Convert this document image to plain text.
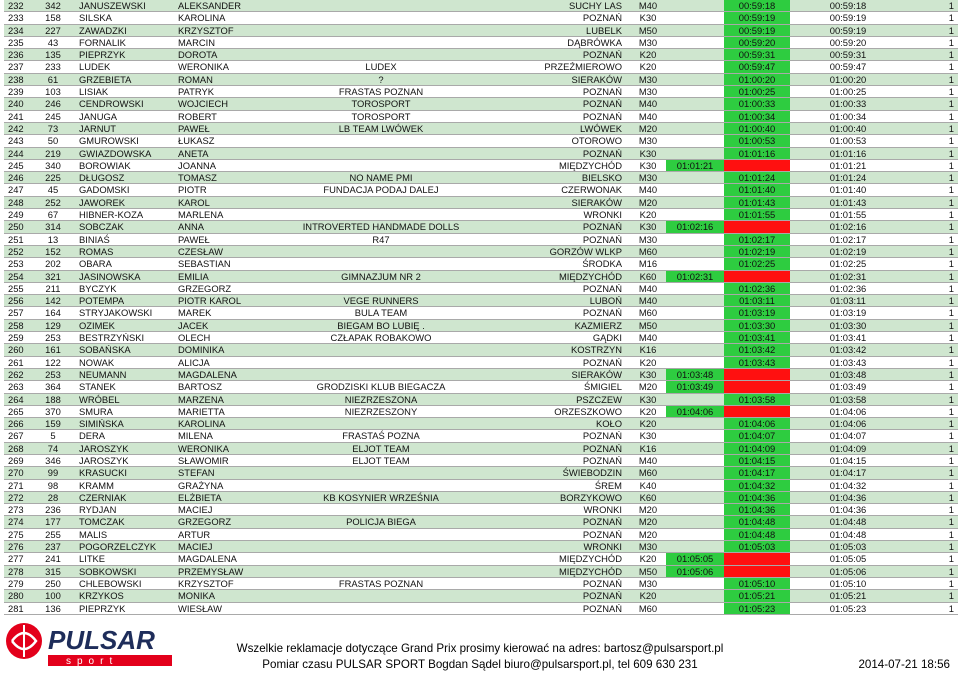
232	342	JANUSZEWSKI	ALEKSANDER		SUCHY LAS	M40		00:59:18	00:59:18	1
233	158	SILSKA	KAROLINA		POZNAŃ	K30		00:59:19	00:59:19	1
234	227	ZAWADZKI	KRZYSZTOF		LUBELK	M50		00:59:19	00:59:19	1
235	43	FORNALIK	MARCIN		DĄBRÓWKA	M30		00:59:20	00:59:20	1
236	135	PIEPRZYK	DOROTA		POZNAŃ	K20		00:59:31	00:59:31	1
237	233	LUDEK	WERONIKA	LUDEX	PRZEŹMIEROWO	K20		00:59:47	00:59:47	1
238	61	GRZEBIETA	ROMAN	?	SIERAKÓW	M30		01:00:20	01:00:20	1
239	103	LISIAK	PATRYK	FRASTAS POZNAN	POZNAŃ	M30		01:00:25	01:00:25	1
240	246	CENDROWSKI	WOJCIECH	TOROSPORT	POZNAŃ	M40		01:00:33	01:00:33	1
241	245	JANUGA	ROBERT	TOROSPORT	POZNAŃ	M40		01:00:34	01:00:34	1
242	73	JARNUT	PAWEŁ	LB TEAM LWÓWEK	LWÓWEK	M20		01:00:40	01:00:40	1
243	50	GMUROWSKI	ŁUKASZ		OTOROWO	M30		01:00:53	01:00:53	1
244	219	GWIAZDOWSKA	ANETA		POZNAŃ	K30		01:01:16	01:01:16	1
245	340	BOROWIAK	JOANNA		MIĘDZYCHÓD	K30	01:01:21		01:01:21	1
246	225	DŁUGOSZ	TOMASZ	NO NAME PMI	BIELSKO	M30		01:01:24	01:01:24	1
247	45	GADOMSKI	PIOTR	FUNDACJA PODAJ DALEJ	CZERWONAK	M40		01:01:40	01:01:40	1
248	252	JAWOREK	KAROL		SIERAKÓW	M20		01:01:43	01:01:43	1
249	67	HIBNER-KOZA	MARLENA		WRONKI	K20		01:01:55	01:01:55	1
250	314	SOBCZAK	ANNA	INTROVERTED HANDMADE DOLLS	POZNAŃ	K30	01:02:16		01:02:16	1
251	13	BINIAŚ	PAWEŁ	R47	POZNAŃ	M30		01:02:17	01:02:17	1
252	152	ROMAS	CZESŁAW		GORZÓW WLKP	M60		01:02:19	01:02:19	1
253	202	OBARA	SEBASTIAN		ŚRODKA	M16		01:02:25	01:02:25	1
254	321	JASINOWSKA	EMILIA	GIMNAZJUM NR 2	MIĘDZYCHÓD	K60	01:02:31		01:02:31	1
255	211	BYCZYK	GRZEGORZ		POZNAŃ	M40		01:02:36	01:02:36	1
256	142	POTEMPA	PIOTR KAROL	VEGE RUNNERS	LUBOŃ	M40		01:03:11	01:03:11	1
257	164	STRYJAKOWSKI	MAREK	BULA TEAM	POZNAŃ	M60		01:03:19	01:03:19	1
258	129	OZIMEK	JACEK	BIEGAM BO LUBIĘ .	KAZMIERZ	M50		01:03:30	01:03:30	1
259	253	BESTRZYŃSKI	OLECH	CZŁAPAK ROBAKOWO	GĄDKI	M40		01:03:41	01:03:41	1
260	161	SOBAŃSKA	DOMINIKA		KOSTRZYN	K16		01:03:42	01:03:42	1
261	122	NOWAK	ALICJA		POZNAŃ	K20		01:03:43	01:03:43	1
262	253	NEUMANN	MAGDALENA		SIERAKÓW	K30	01:03:48		01:03:48	1
263	364	STANEK	BARTOSZ	GRODZISKI KLUB BIEGACZA	ŚMIGIEL	M20	01:03:49		01:03:49	1
264	188	WRÓBEL	MARZENA	NIEZRZESZONA	PSZCZEW	K30		01:03:58	01:03:58	1
265	370	SMURA	MARIETTA	NIEZRZESZONY	ORZESZKOWO	K20	01:04:06		01:04:06	1
266	159	SIMIŃSKA	KAROLINA		KOŁO	K20		01:04:06	01:04:06	1
267	5	DERA	MILENA	FRASTAŚ POZNA	POZNAŃ	K30		01:04:07	01:04:07	1
268	74	JAROSZYK	WERONIKA	ELJOT TEAM	POZNAŃ	K16		01:04:09	01:04:09	1
269	346	JAROSZYK	SŁAWOMIR	ELJOT TEAM	POZNAŃ	M40		01:04:15	01:04:15	1
270	99	KRASUCKI	STEFAN		ŚWIEBODZIN	M60		01:04:17	01:04:17	1
271	98	KRAMM	GRAŻYNA		ŚREM	K40		01:04:32	01:04:32	1
272	28	CZERNIAK	ELŻBIETA	KB KOSYNIER WRZEŚNIA	BORZYKOWO	K60		01:04:36	01:04:36	1
273	236	RYDJAN	MACIEJ		WRONKI	M20		01:04:36	01:04:36	1
274	177	TOMCZAK	GRZEGORZ	POLICJA BIEGA	POZNAŃ	M20		01:04:48	01:04:48	1
275	255	MALIS	ARTUR		POZNAŃ	M20		01:04:48	01:04:48	1
276	237	POGORZELCZYK	MACIEJ		WRONKI	M30		01:05:03	01:05:03	1
277	241	LITKE	MAGDALENA		MIĘDZYCHÓD	K20	01:05:05		01:05:05	1
278	315	SOBKOWSKI	PRZEMYSŁAW		MIĘDZYCHÓD	M50	01:05:06		01:05:06	1
279	250	CHLEBOWSKI	KRZYSZTOF	FRASTAS POZNAN	POZNAŃ	M30		01:05:10	01:05:10	1
280	100	KRZYKOS	MONIKA		POZNAŃ	K20		01:05:21	01:05:21	1
281	136	PIEPRZYK	WIESŁAW		POZNAŃ	M60		01:05:23	01:05:23	1
PULSAR
sport
Wszelkie reklamacje dotyczące Grand Prix prosimy kierować na adres: bartosz@pulsarsport.pl
Pomiar czasu PULSAR SPORT Bogdan Sądel biuro@pulsarsport.pl, tel 609 630 231	2014-07-21 18:56
